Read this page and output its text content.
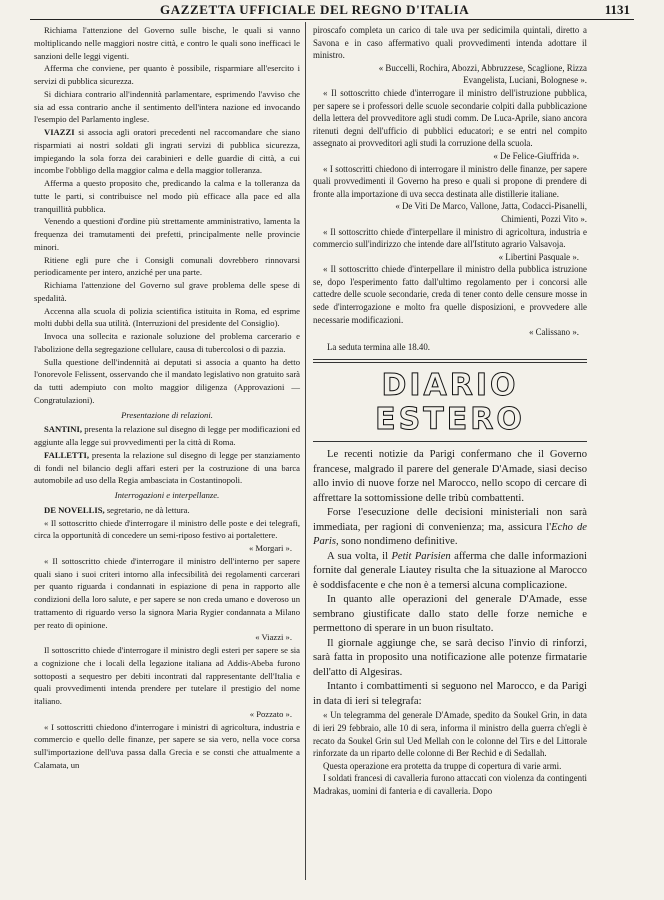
GAZZETTA UFFICIALE DEL REGNO D'ITALIA	1131

Richiama l'attenzione del Governo sulle bische, le quali si vanno moltiplicando nelle maggiori nostre città, e contro le quali sono inefficaci le sanzioni delle leggi vigenti.

Afferma che conviene, per quanto è possibile, risparmiare all'esercito i servizi di pubblica sicurezza.

Si dichiara contrario all'indennità parlamentare, esprimendo l'avviso che sia ad essa contrario anche il sentimento dell'intera nazione ed invocando l'esempio del Parlamento inglese.

VIAZZI si associa agli oratori precedenti nel raccomandare che siano risparmiati ai nostri soldati gli ingrati servizi di pubblica sicurezza, impiegando la sola forza dei carabinieri e delle guardie di città, a cui incombe l'obbligo della maggior calma e della maggior tolleranza.

Afferma a questo proposito che, predicando la calma e la tolleranza da tutte le parti, si contribuisce nel modo più efficace alla pace ed alla tranquillità pubblica.

Venendo a questioni d'ordine più strettamente amministrativo, lamenta la frequenza dei tramutamenti dei prefetti, principalmente nelle provincie minori.

Ritiene egli pure che i Consigli comunali dovrebbero rinnovarsi periodicamente per intero, anziché per una parte.

Richiama l'attenzione del Governo sul grave problema delle spese di spedalità.

Accenna alla scuola di polizia scientifica istituita in Roma, ed esprime molti dubbi della sua utilità. (Interruzioni del presidente del Consiglio).

Invoca una sollecita e razionale soluzione del problema carcerario e l'abolizione della segregazione cellulare, causa di tubercolosi o di pazzia.

Sulla questione dell'indennità ai deputati si associa a quanto ha detto l'onorevole Felissent, osservando che il mandato legislativo non gratuito sarà da tutti adempiuto con molto maggior diligenza (Approvazioni — Congratulazioni).

Presentazione di relazioni.

SANTINI, presenta la relazione sul disegno di legge per modificazioni ed aggiunte alla legge sui provvedimenti per la città di Roma.

FALLETTI, presenta la relazione sul disegno di legge per stanziamento di fondi nel bilancio degli affari esteri per la costruzione di una barca automobile ad uso della Regia ambasciata in Costantinopoli.

Interrogazioni e interpellanze.

DE NOVELLIS, segretario, ne dà lettura.

« Il sottoscritto chiede d'interrogare il ministro delle poste e dei telegrafi, circa la opportunità di concedere un semi-riposo festivo ai portalettere.

« Morgari ».

« Il sottoscritto chiede d'interrogare il ministro dell'interno per sapere quali siano i suoi criteri intorno alla infecsibilità dei regolamenti carcerari per quanto riguarda i condannati in espiazione di pena in rapporto alle condizioni della loro salute, e per sapere se non creda umano e doveroso un trattamento di riguardo verso la signora Maria Rygier condannata a Milano per reato di opinione.

« Viazzi ».

Il sottoscritto chiede d'interrogare il ministro degli esteri per sapere se sia a cognizione che i locali della legazione italiana ad Addis-Abeba furono sottoposti a sequestro per debiti incontrati dal rappresentante dell'Italia e quali provvedimenti intenda prendere per tutelare il prestigio del nome italiano.

« Pozzato ».

« I sottoscritti chiedono d'interrogare i ministri di agricoltura, industria e commercio e quello delle finanze, per sapere se sia vero, nella voce corsa sull'importazione dell'uva passa dalla Grecia e se consti che attualmente a Calamata, un

piroscafo completa un carico di tale uva per sedicimila quintali, diretto a Savona e in caso affermativo quali provvedimenti intenda adottare il ministro.

« Buccelli, Rochira, Abozzi, Abbruzzese, Scaglione, Rizza Evangelista, Luciani, Bolognese ».

« Il sottoscritto chiede d'interrogare il ministro dell'istruzione pubblica, per sapere se i professori delle scuole secondarie colpiti dalla pubblicazione della lettera del provveditore agli studi comm. De Luca-Aprile, siano ancora ritenuti degni dell'ufficio di pubblici educatori; e se entri nel compito assegnato ai provveditori agli studi la corruzione della scuola.

« De Felice-Giuffrida ».

« I sottoscritti chiedono di interrogare il ministro delle finanze, per sapere quali provvedimenti il Governo ha preso e quali si propone di prendere di fronte alla importazione di uva secca destinata alle distillerie italiane.

« De Viti De Marco, Vallone, Jatta, Codacci-Pisanelli, Chimienti, Pozzi Vito ».

« Il sottoscritto chiede d'interpellare il ministro di agricoltura, industria e commercio sull'indirizzo che intende dare all'Istituto agrario Valsavoja.

« Libertini Pasquale ».

« Il sottoscritto chiede d'interpellare il ministro della pubblica istruzione se, dopo l'esperimento fatto dall'ultimo regolamento per i concorsi alle cattedre delle scuole secondarie, creda di tener conto delle censure mosse in sede d'interrogazione e molto fra quelle disposizioni, e provvedere alle necessarie modificazioni.

« Calissano ».

La seduta termina alle 18.40.

DIARIO ESTERO

Le recenti notizie da Parigi confermano che il Governo francese, malgrado il parere del generale D'Amade, siasi deciso allo invio di nuove forze nel Marocco, nello scopo di cercare di affrettare la sottomissione delle tribù combattenti.

Forse l'esecuzione delle decisioni ministeriali non sarà immediata, per ragioni di convenienza; ma, assicura l'Echo de Paris, sono nondimeno definitive.

A sua volta, il Petit Parisien afferma che dalle informazioni fornite dal generale Liautey risulta che la situazione al Marocco è soddisfacente e che non è a temersi alcuna complicazione.

In quanto alle operazioni del generale D'Amade, esse sembrano giustificate dallo stato delle forze nemiche e permettono di sperare in un buon risultato.

Il giornale aggiunge che, se sarà deciso l'invio di rinforzi, sarà fatta in proposito una notificazione alle potenze firmatarie dell'atto di Algesiras.

Intanto i combattimenti si seguono nel Marocco, e da Parigi in data di ieri si telegrafa:

« Un telegramma del generale D'Amade, spedito da Soukel Grin, in data di ieri 29 febbraio, alle 10 di sera, informa il ministro della guerra ch'egli è recato da Soukel Grin sul Ued Mellah con le colonne del Tirs e del Littorale rinforzate da un riparto delle colonne di Ber Rechid e di Sedallah.

Questa operazione era protetta da truppe di copertura di varie armi.

I soldati francesi di cavalleria furono attaccati con violenza da contingenti Madrakas, uomini di fanteria e di cavalleria. Dopo
